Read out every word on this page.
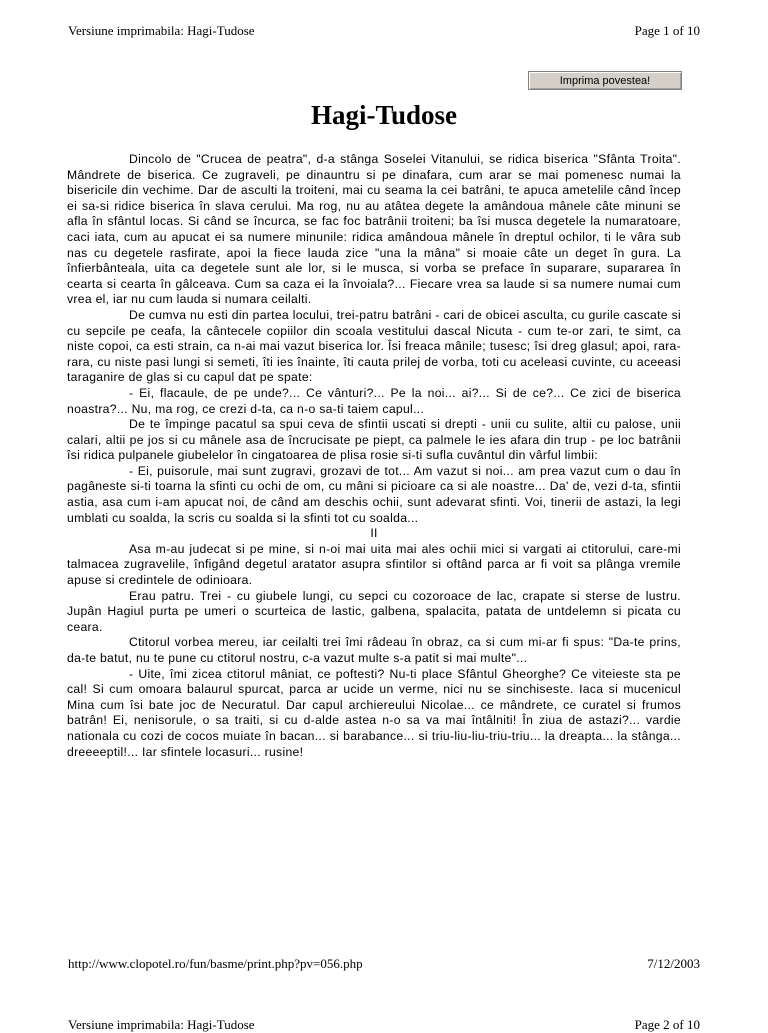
Versiune imprimabila: Hagi-Tudose	Page 1 of 10
Imprima povestea!
Hagi-Tudose

Dincolo de "Crucea de peatra", d-a stânga Soselei Vitanului, se ridica biserica "Sfânta Troita". Mândrete de biserica. Ce zugraveli, pe dinauntru si pe dinafara, cum arar se mai pomenesc numai la bisericile din vechime. Dar de asculti la troiteni, mai cu seama la cei batrâni, te apuca ametelile când încep ei sa-si ridice biserica în slava cerului. Ma rog, nu au atâtea degete la amândoua mânele câte minuni se afla în sfântul locas. Si când se încurca, se fac foc batrânii troiteni; ba îsi musca degetele la numaratoare, caci iata, cum au apucat ei sa numere minunile: ridica amândoua mânele în dreptul ochilor, ti le vâra sub nas cu degetele rasfirate, apoi la fiece lauda zice "una la mâna" si moaie câte un deget în gura. La înfierbânteala, uita ca degetele sunt ale lor, si le musca, si vorba se preface în suparare, supararea în cearta si cearta în gâlceava. Cum sa caza ei la învoiala?... Fiecare vrea sa laude si sa numere numai cum vrea el, iar nu cum lauda si numara ceilalti.

De cumva nu esti din partea locului, trei-patru batrâni - cari de obicei asculta, cu gurile cascate si cu sepcile pe ceafa, la cântecele copiilor din scoala vestitului dascal Nicuta - cum te-or zari, te simt, ca niste copoi, ca esti strain, ca n-ai mai vazut biserica lor. Îsi freaca mânile; tusesc; îsi dreg glasul; apoi, rara-rara, cu niste pasi lungi si semeti, îti ies înainte, îti cauta prilej de vorba, toti cu aceleasi cuvinte, cu aceeasi taraganire de glas si cu capul dat pe spate:

- Ei, flacaule, de pe unde?... Ce vânturi?... Pe la noi... ai?... Si de ce?... Ce zici de biserica noastra?... Nu, ma rog, ce crezi d-ta, ca n-o sa-ti taiem capul...

De te împinge pacatul sa spui ceva de sfintii uscati si drepti - unii cu sulite, altii cu palose, unii calari, altii pe jos si cu mânele asa de încrucisate pe piept, ca palmele le ies afara din trup - pe loc batrânii îsi ridica pulpanele giubelelor în cingatoarea de plisa rosie si-ti sufla cuvântul din vârful limbii:

- Ei, puisorule, mai sunt zugravi, grozavi de tot... Am vazut si noi... am prea vazut cum o dau în pagâneste si-ti toarna la sfinti cu ochi de om, cu mâni si picioare ca si ale noastre... Da' de, vezi d-ta, sfintii astia, asa cum i-am apucat noi, de când am deschis ochii, sunt adevarat sfinti. Voi, tinerii de astazi, la legi umblati cu soalda, la scris cu soalda si la sfinti tot cu soalda...

II

Asa m-au judecat si pe mine, si n-oi mai uita mai ales ochii mici si vargati ai ctitorului, care-mi talmacea zugravelile, înfigând degetul aratator asupra sfintilor si oftând parca ar fi voit sa plânga vremile apuse si credintele de odinioara.

Erau patru. Trei - cu giubele lungi, cu sepci cu cozoroace de lac, crapate si sterse de lustru. Jupân Hagiul purta pe umeri o scurteica de lastic, galbena, spalacita, patata de untdelemn si picata cu ceara.

Ctitorul vorbea mereu, iar ceilalti trei îmi râdeau în obraz, ca si cum mi-ar fi spus: "Da-te prins, da-te batut, nu te pune cu ctitorul nostru, c-a vazut multe s-a patit si mai multe"...

- Uite, îmi zicea ctitorul mâniat, ce poftesti? Nu-ti place Sfântul Gheorghe? Ce viteieste sta pe cal! Si cum omoara balaurul spurcat, parca ar ucide un verme, nici nu se sinchiseste. Iaca si mucenicul Mina cum îsi bate joc de Necuratul. Dar capul archiereului Nicolae... ce mândrete, ce curatel si frumos batrân! Ei, nenisorule, o sa traiti, si cu d-alde astea n-o sa va mai întâlniti! În ziua de astazi?... vardie nationala cu cozi de cocos muiate în bacan... si barabance... si triu-liu-liu-triu-triu... la dreapta... la stânga... dreeeeptil!... Iar sfintele locasuri... rusine!

http://www.clopotel.ro/fun/basme/print.php?pv=056.php	7/12/2003
Versiune imprimabila: Hagi-Tudose	Page 2 of 10
